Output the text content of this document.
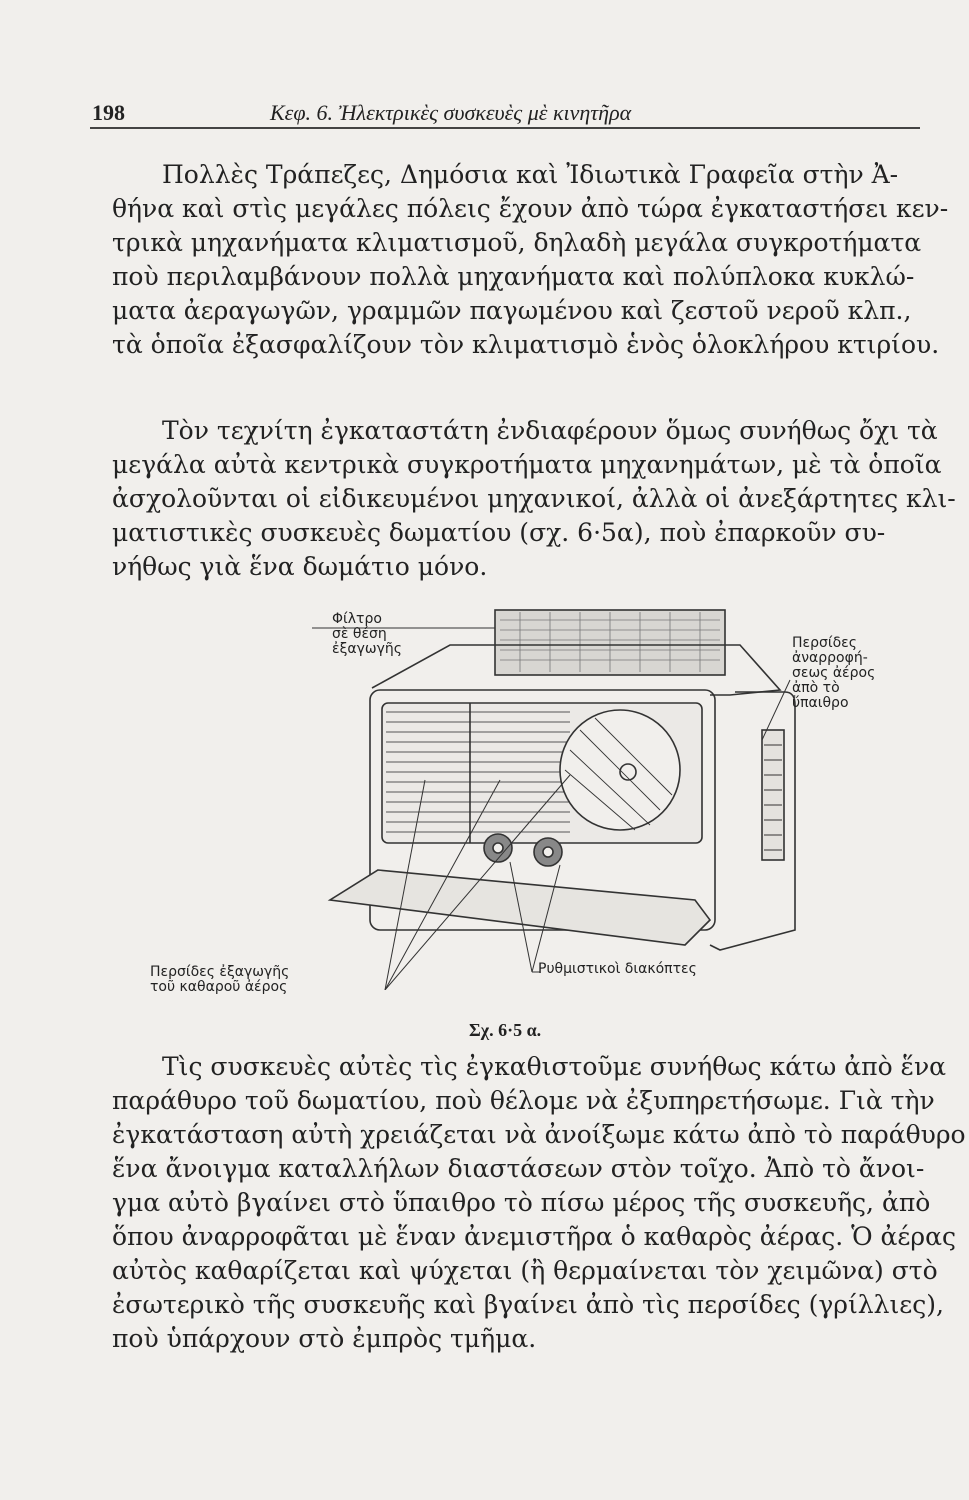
198	Κεφ. 6. Ἠλεκτρικὲς συσκευὲς μὲ κινητῆρα
Πολλὲς Τράπεζες, Δημόσια καὶ Ἰδιωτικὰ Γραφεῖα στὴν Ἀ-
θήνα καὶ στὶς μεγάλες πόλεις ἔχουν ἀπὸ τώρα ἐγκαταστήσει κεν-
τρικὰ μηχανήματα κλιματισμοῦ, δηλαδὴ μεγάλα συγκροτήματα
ποὺ περιλαμβάνουν πολλὰ μηχανήματα καὶ πολύπλοκα κυκλώ-
ματα ἀεραγωγῶν, γραμμῶν παγωμένου καὶ ζεστοῦ νεροῦ κλπ.,
τὰ ὁποῖα ἐξασφαλίζουν τὸν κλιματισμὸ ἑνὸς ὁλοκλήρου κτιρίου.
Τὸν τεχνίτη ἐγκαταστάτη ἐνδιαφέρουν ὅμως συνήθως ὄχι τὰ
μεγάλα αὐτὰ κεντρικὰ συγκροτήματα μηχανημάτων, μὲ τὰ ὁποῖα
ἀσχολοῦνται οἱ εἰδικευμένοι μηχανικοί, ἀλλὰ οἱ ἀνεξάρτητες κλι-
ματιστικὲς συσκευὲς δωματίου (σχ. 6·5α), ποὺ ἐπαρκοῦν συ-
νήθως γιὰ ἕνα δωμάτιο μόνο.
Φίλτρο
σὲ θέση
ἐξαγωγῆς
Περσίδες ἐξαγωγῆς
τοῦ καθαροῦ ἀέρος
Ρυθμιστικοὶ διακόπτες
Περσίδες
ἀναρροφή-
σεως ἀέρος
ἀπὸ τὸ
ὕπαιθρο
Σχ. 6·5 α.
Τὶς συσκευὲς αὐτὲς τὶς ἐγκαθιστοῦμε συνήθως κάτω ἀπὸ ἕνα
παράθυρο τοῦ δωματίου, ποὺ θέλομε νὰ ἐξυπηρετήσωμε. Γιὰ τὴν
ἐγκατάσταση αὐτὴ χρειάζεται νὰ ἀνοίξωμε κάτω ἀπὸ τὸ παράθυρο
ἕνα ἄνοιγμα καταλλήλων διαστάσεων στὸν τοῖχο. Ἀπὸ τὸ ἄνοι-
γμα αὐτὸ βγαίνει στὸ ὕπαιθρο τὸ πίσω μέρος τῆς συσκευῆς, ἀπὸ
ὅπου ἀναρροφᾶται μὲ ἕναν ἀνεμιστῆρα ὁ καθαρὸς ἀέρας. Ὁ ἀέρας
αὐτὸς καθαρίζεται καὶ ψύχεται (ἢ θερμαίνεται τὸν χειμῶνα) στὸ
ἐσωτερικὸ τῆς συσκευῆς καὶ βγαίνει ἀπὸ τὶς περσίδες (γρίλλιες),
ποὺ ὑπάρχουν στὸ ἐμπρὸς τμῆμα.
